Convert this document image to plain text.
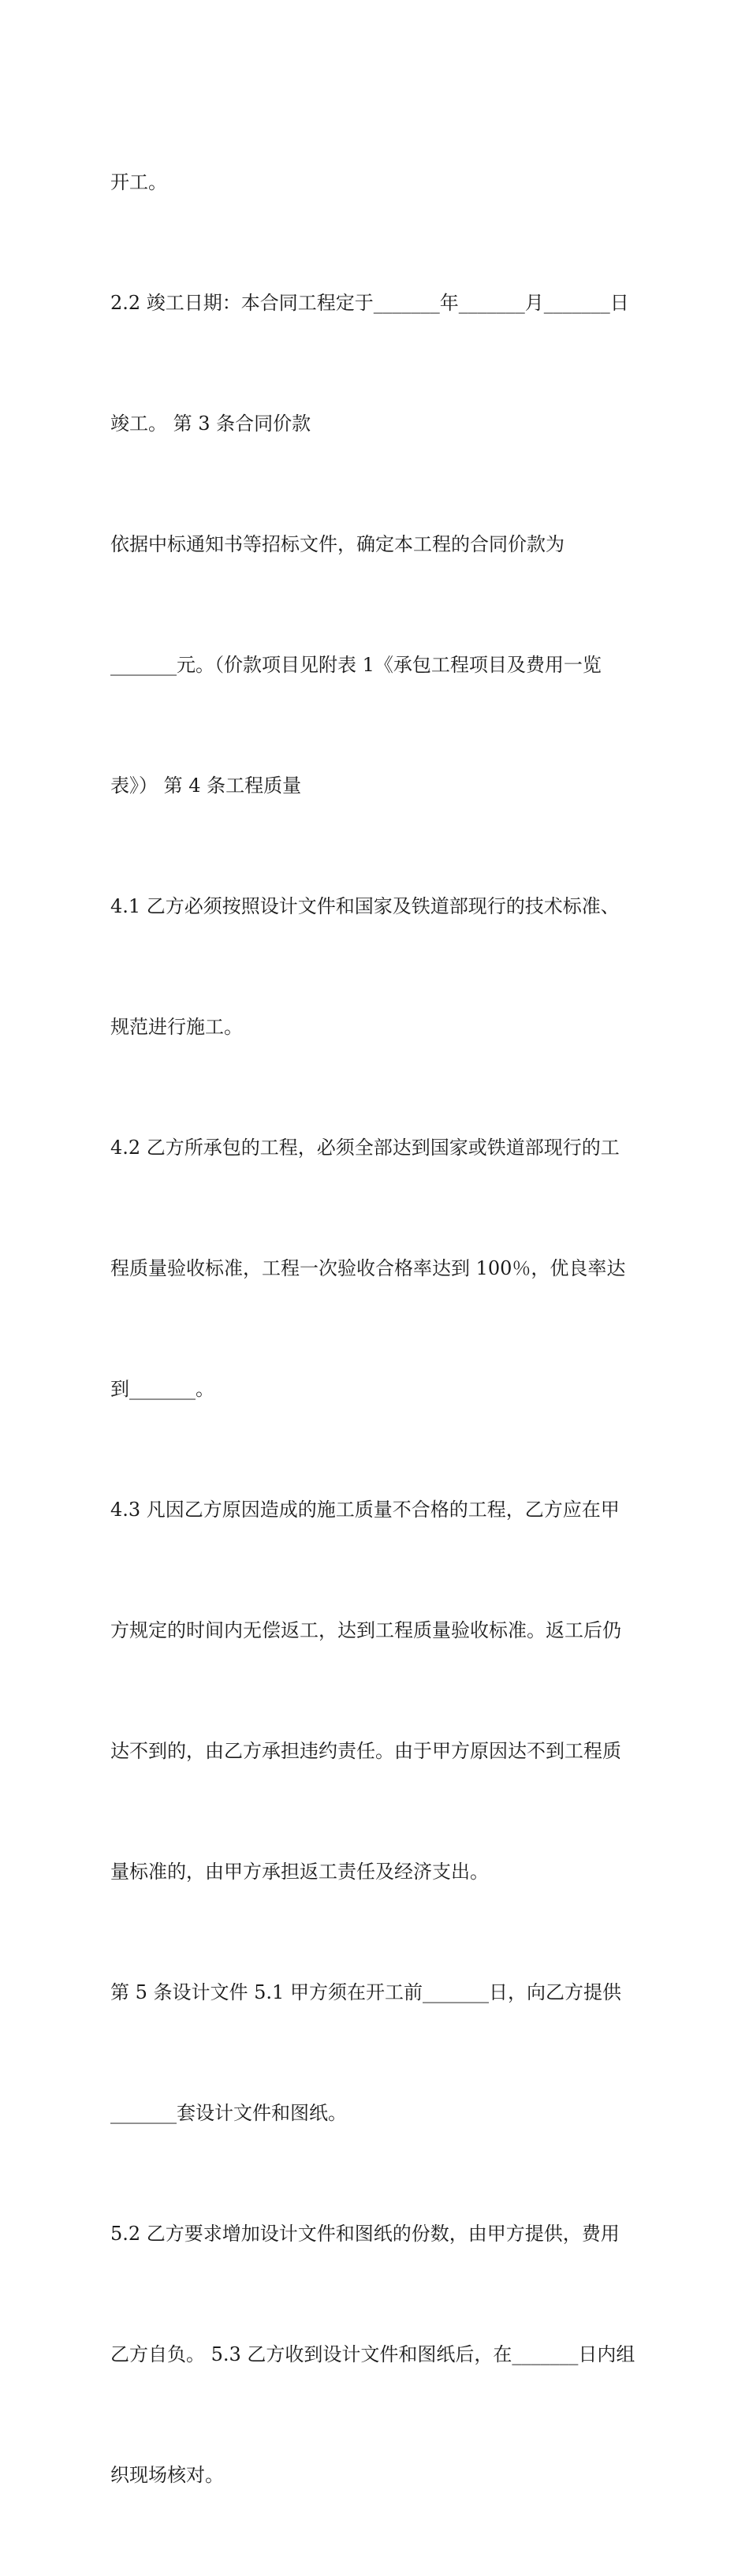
开工。

2.2 竣工日期：本合同工程定于_______年_______月_______日

竣工。 第 3 条合同价款

依据中标通知书等招标文件，确定本工程的合同价款为

_______元。（价款项目见附表 1《承包工程项目及费用一览

表》） 第 4 条工程质量

4.1 乙方必须按照设计文件和国家及铁道部现行的技术标准、

规范进行施工。

4.2 乙方所承包的工程，必须全部达到国家或铁道部现行的工

程质量验收标准，工程一次验收合格率达到 100％，优良率达

到_______。

4.3 凡因乙方原因造成的施工质量不合格的工程，乙方应在甲

方规定的时间内无偿返工，达到工程质量验收标准。返工后仍

达不到的，由乙方承担违约责任。由于甲方原因达不到工程质

量标准的，由甲方承担返工责任及经济支出。

第 5 条设计文件 5.1 甲方须在开工前_______日，向乙方提供

_______套设计文件和图纸。

5.2 乙方要求增加设计文件和图纸的份数，由甲方提供，费用

乙方自负。 5.3 乙方收到设计文件和图纸后，在_______日内组

织现场核对。
